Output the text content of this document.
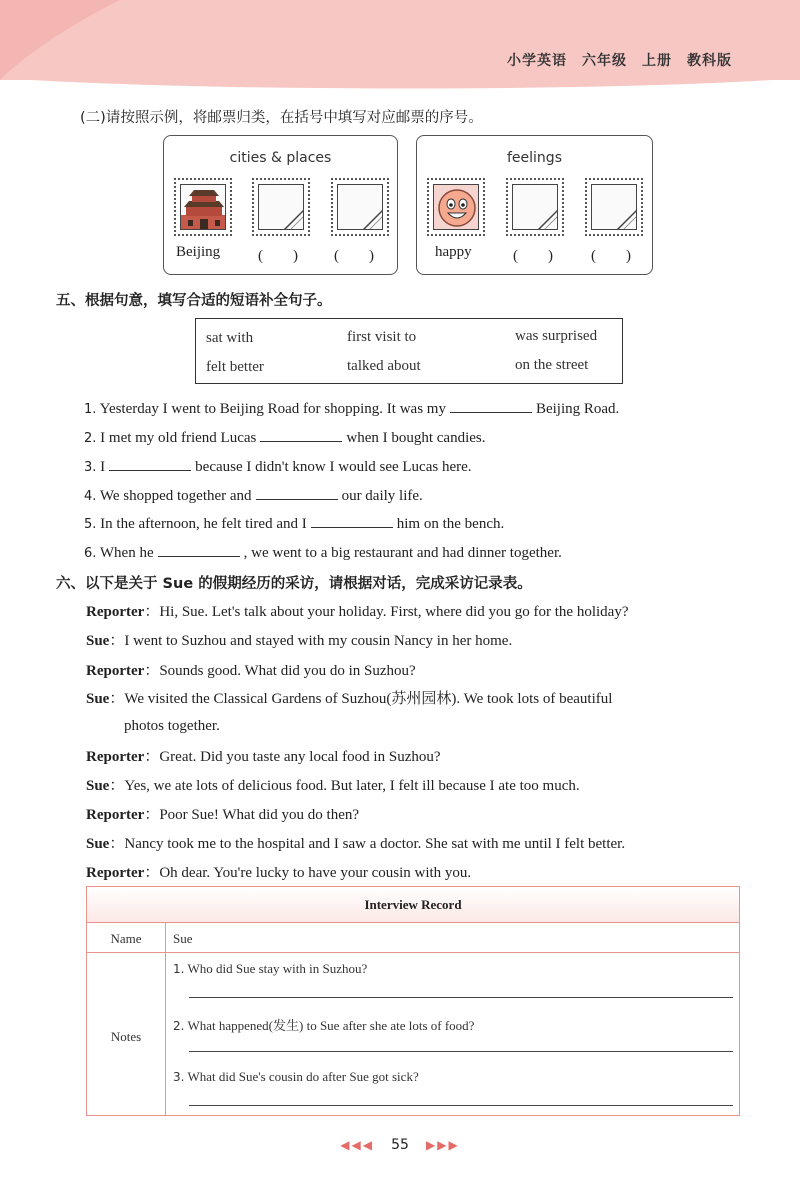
小学英语　六年级　上册　教科版
(二)请按照示例，将邮票归类，在括号中填写对应邮票的序号。
cities & places
Beijing	(　　) (　　)
feelings
happy	(　　)	(　　)
五、根据句意，填写合适的短语补全句子。
sat with	first visit to	was surprised
felt better	talked about	on the street
1. Yesterday I went to Beijing Road for shopping. It was my	Beijing Road.
2. I met my old friend Lucas	when I bought candies.
3. I	because I didn't know I would see Lucas here.
4. We shopped together and	our daily life.
5. In the afternoon, he felt tired and I	him on the bench.
6. When he	, we went to a big restaurant and had dinner together.
六、以下是关于 Sue 的假期经历的采访，请根据对话，完成采访记录表。
Reporter：Hi, Sue. Let's talk about your holiday. First, where did you go for the holiday?
Sue：I went to Suzhou and stayed with my cousin Nancy in her home.
Reporter：Sounds good. What did you do in Suzhou?
Sue：We visited the Classical Gardens of Suzhou(苏州园林). We took lots of beautiful
photos together.
Reporter：Great. Did you taste any local food in Suzhou?
Sue：Yes, we ate lots of delicious food. But later, I felt ill because I ate too much.
Reporter：Poor Sue! What did you do then?
Sue：Nancy took me to the hospital and I saw a doctor. She sat with me until I felt better.
Reporter：Oh dear. You're lucky to have your cousin with you.
Interview Record
Name	Sue
Notes
1. Who did Sue stay with in Suzhou?
2. What happened(发生) to Sue after she ate lots of food?
3. What did Sue's cousin do after Sue got sick?
◀◀◀ 55 ▶▶▶
